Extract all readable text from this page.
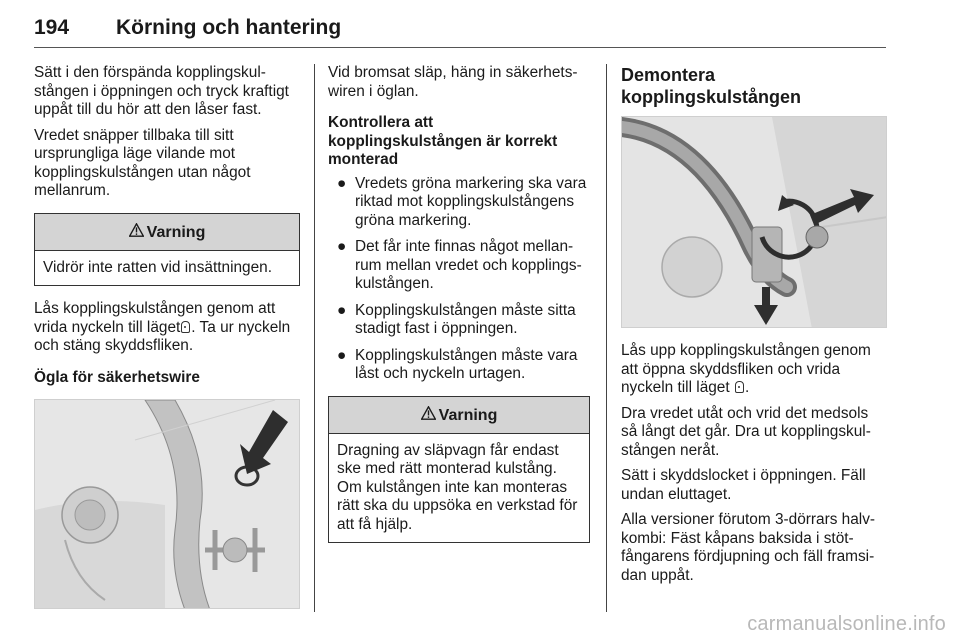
194 Körning och hantering

Sätt i den förspända kopplingskulstången i öppningen och tryck kraftigt uppåt till du hör att den låser fast.

Vredet snäpper tillbaka till sitt ursprungliga läge vilande mot kopplingskulstången utan något mellanrum.

Varning
Vidrör inte ratten vid insättningen.

Lås kopplingskulstången genom att vrida nyckeln till läget . Ta ur nyckeln och stäng skyddsfliken.

Ögla för säkerhetswire

Vid bromsat släp, häng in säkerhetswiren i öglan.

Kontrollera att kopplingskulstången är korrekt monterad

● Vredets gröna markering ska vara riktad mot kopplingskulstångens gröna markering.
● Det får inte finnas något mellanrum mellan vredet och kopplingskulstången.
● Kopplingskulstången måste sitta stadigt fast i öppningen.
● Kopplingskulstången måste vara låst och nyckeln urtagen.
Varning
Dragning av släpvagn får endast ske med rätt monterad kulstång. Om kulstången inte kan monteras rätt ska du uppsöka en verkstad för att få hjälp.
Demontera kopplingskulstången

Lås upp kopplingskulstången genom att öppna skyddsfliken och vrida nyckeln till läget .

Dra vredet utåt och vrid det medsols så långt det går. Dra ut kopplingskulstången neråt.

Sätt i skyddslocket i öppningen. Fäll undan eluttaget.

Alla versioner förutom 3-dörrars halvkombi: Fäst kåpans baksida i stötfångarens fördjupning och fäll framsidan uppåt.

carmanualsonline.info
